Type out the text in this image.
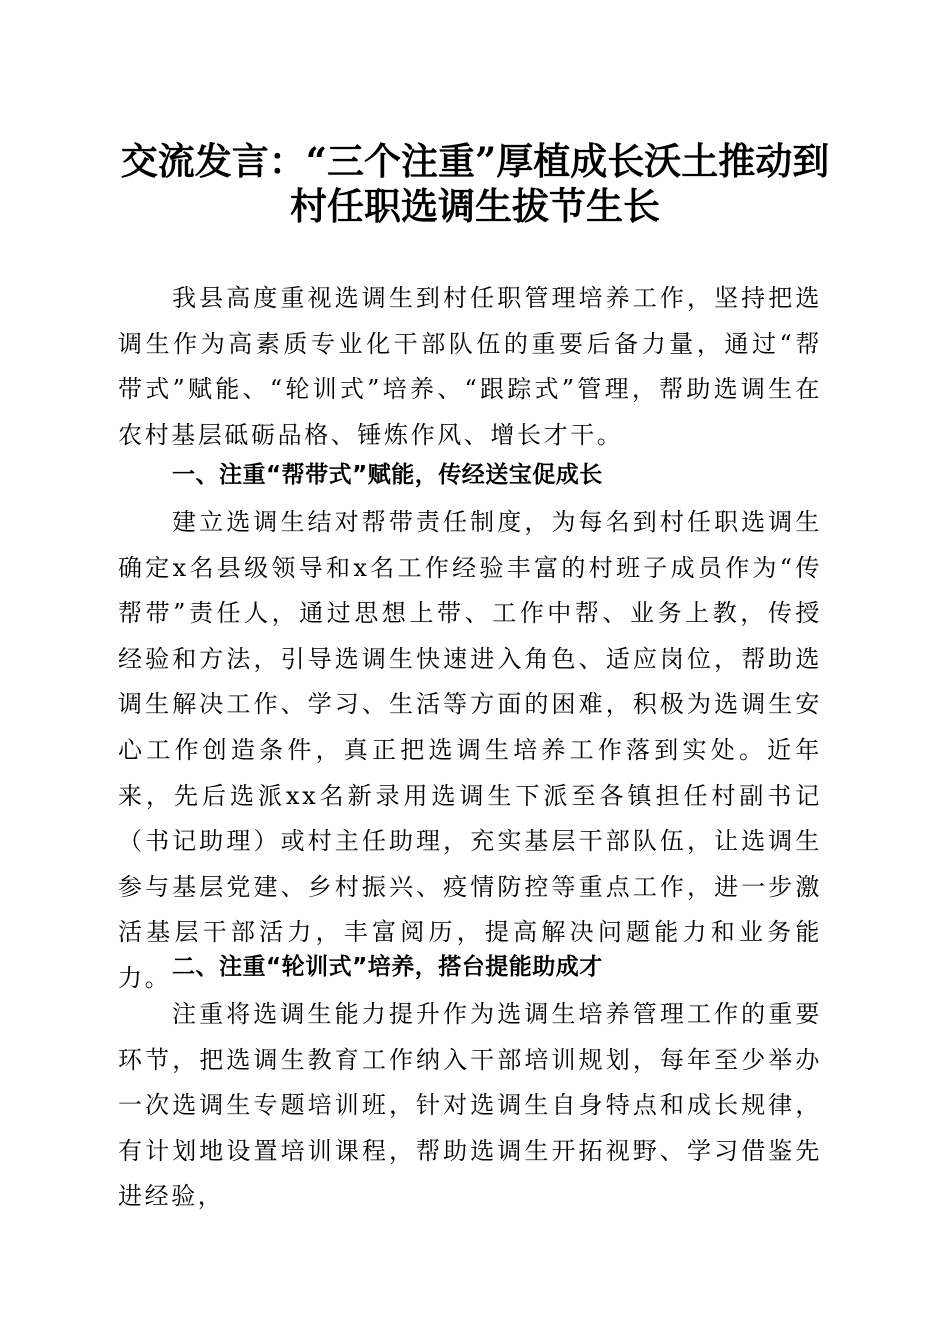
交流发言：“三个注重”厚植成长沃土推动到
村任职选调生拔节生长

我县高度重视选调生到村任职管理培养工作，坚持把选调生作为高素质专业化干部队伍的重要后备力量，通过“帮带式”赋能、“轮训式”培养、“跟踪式”管理，帮助选调生在农村基层砥砺品格、锤炼作风、增长才干。

一、注重“帮带式”赋能，传经送宝促成长

建立选调生结对帮带责任制度，为每名到村任职选调生确定x名县级领导和x名工作经验丰富的村班子成员作为“传帮带”责任人，通过思想上带、工作中帮、业务上教，传授经验和方法，引导选调生快速进入角色、适应岗位，帮助选调生解决工作、学习、生活等方面的困难，积极为选调生安心工作创造条件，真正把选调生培养工作落到实处。近年来，先后选派xx名新录用选调生下派至各镇担任村副书记（书记助理）或村主任助理，充实基层干部队伍，让选调生参与基层党建、乡村振兴、疫情防控等重点工作，进一步激活基层干部活力，丰富阅历，提高解决问题能力和业务能力。 二、注重“轮训式”培养，搭台提能助成才

注重将选调生能力提升作为选调生培养管理工作的重要环节，把选调生教育工作纳入干部培训规划，每年至少举办一次选调生专题培训班，针对选调生自身特点和成长规律，有计划地设置培训课程，帮助选调生开拓视野、学习借鉴先进经验，
